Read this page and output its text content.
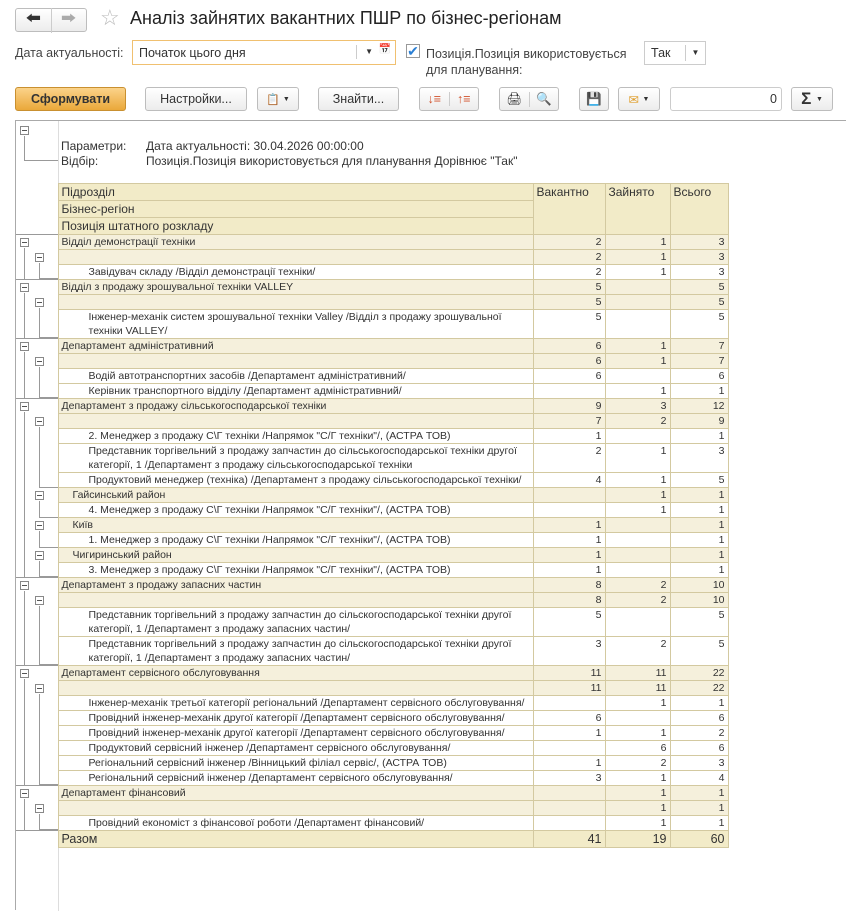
🠰	🠲	☆ Аналіз зайнятих вакантних ПШР по бізнес-регіонам
Дата актуальності: Початок цього дня	▼ 📅 ✔ Позиція.Позиція використовується
для планування:
Так	▼
Сформувати	Настройки...	📋
▼	Знайти...	↓≡	↑≡	🖨	🔍	💾 ✉
▼	0 Σ
▼
Параметри: Дата актуальності: 30.04.2026 00:00:00
Відбір:	Позиція.Позиція використовується для планування Дорівнює "Так"
	Підрозділ	Вакантно	Зайнято	Всього
	Бізнес-регіон			
	Позиція штатного розкладу			

	Відділ демонстрації техніки	2	1	3

		2	1	3

	Завідувач складу /Відділ демонстрації техніки/	2	1	3

	Відділ з продажу зрошувальної техніки VALLEY	5		5

		5		5

	Інженер-механік систем зрошувальної техніки Valley /Відділ з продажу зрошувальної техніки VALLEY/	5		5

	Департамент адміністративний	6	1	7

		6	1	7

	Водій автотранспортних засобів /Департамент адміністративний/	6		6

	Керівник транспортного відділу /Департамент адміністративний/		1	1

	Департамент з продажу сільськогосподарської техніки	9	3	12

		7	2	9

	2. Менеджер з продажу С\Г техніки /Напрямок "С/Г техніки"/, (АСТРА ТОВ)	1		1

	Представник торгівельний з продажу запчастин до сільськогосподарської техніки другої категорії, 1 /Департамент з продажу сільськогосподарської техніки	2	1	3

	Продуктовий менеджер (техніка) /Департамент з продажу сільськогосподарської техніки/	4	1	5

	Гайсинський район		1	1

	4. Менеджер з продажу С\Г техніки /Напрямок "С/Г техніки"/, (АСТРА ТОВ)		1	1

	Київ	1		1

	1. Менеджер з продажу С\Г техніки /Напрямок "С/Г техніки"/, (АСТРА ТОВ)	1		1

	Чигиринський район	1		1

	3. Менеджер з продажу С\Г техніки /Напрямок "С/Г техніки"/, (АСТРА ТОВ)	1		1

	Департамент з продажу запасних частин	8	2	10

		8	2	10

	Представник торгівельний з продажу запчастин до сільскогосподарської техніки другої категорії, 1 /Департамент з продажу запасних частин/	5		5

	Представник торгівельний з продажу запчастин до сільскогосподарської техніки другої категорії, 1 /Департамент з продажу запасних частин/	3	2	5

	Департамент сервісного обслуговування	11	11	22

		11	11	22

	Інженер-механік третьої категорії регіональний /Департамент сервісного обслуговування/		1	1

	Провідний інженер-механік другої категорії /Департамент сервісного обслуговування/	6		6

	Провідний інженер-механік другої категорії /Департамент сервісного обслуговування/	1	1	2

	Продуктовий сервісний інженер /Департамент сервісного обслуговування/		6	6

	Регіональний сервісний інженер /Вінницький філіал сервіс/, (АСТРА ТОВ)	1	2	3

	Регіональний сервісний інженер /Департамент сервісного обслуговування/	3	1	4

	Департамент фінансовий		1	1

			1	1

	Провідний економіст з фінансової роботи /Департамент фінансовий/		1	1
	Разом	41	19	60
